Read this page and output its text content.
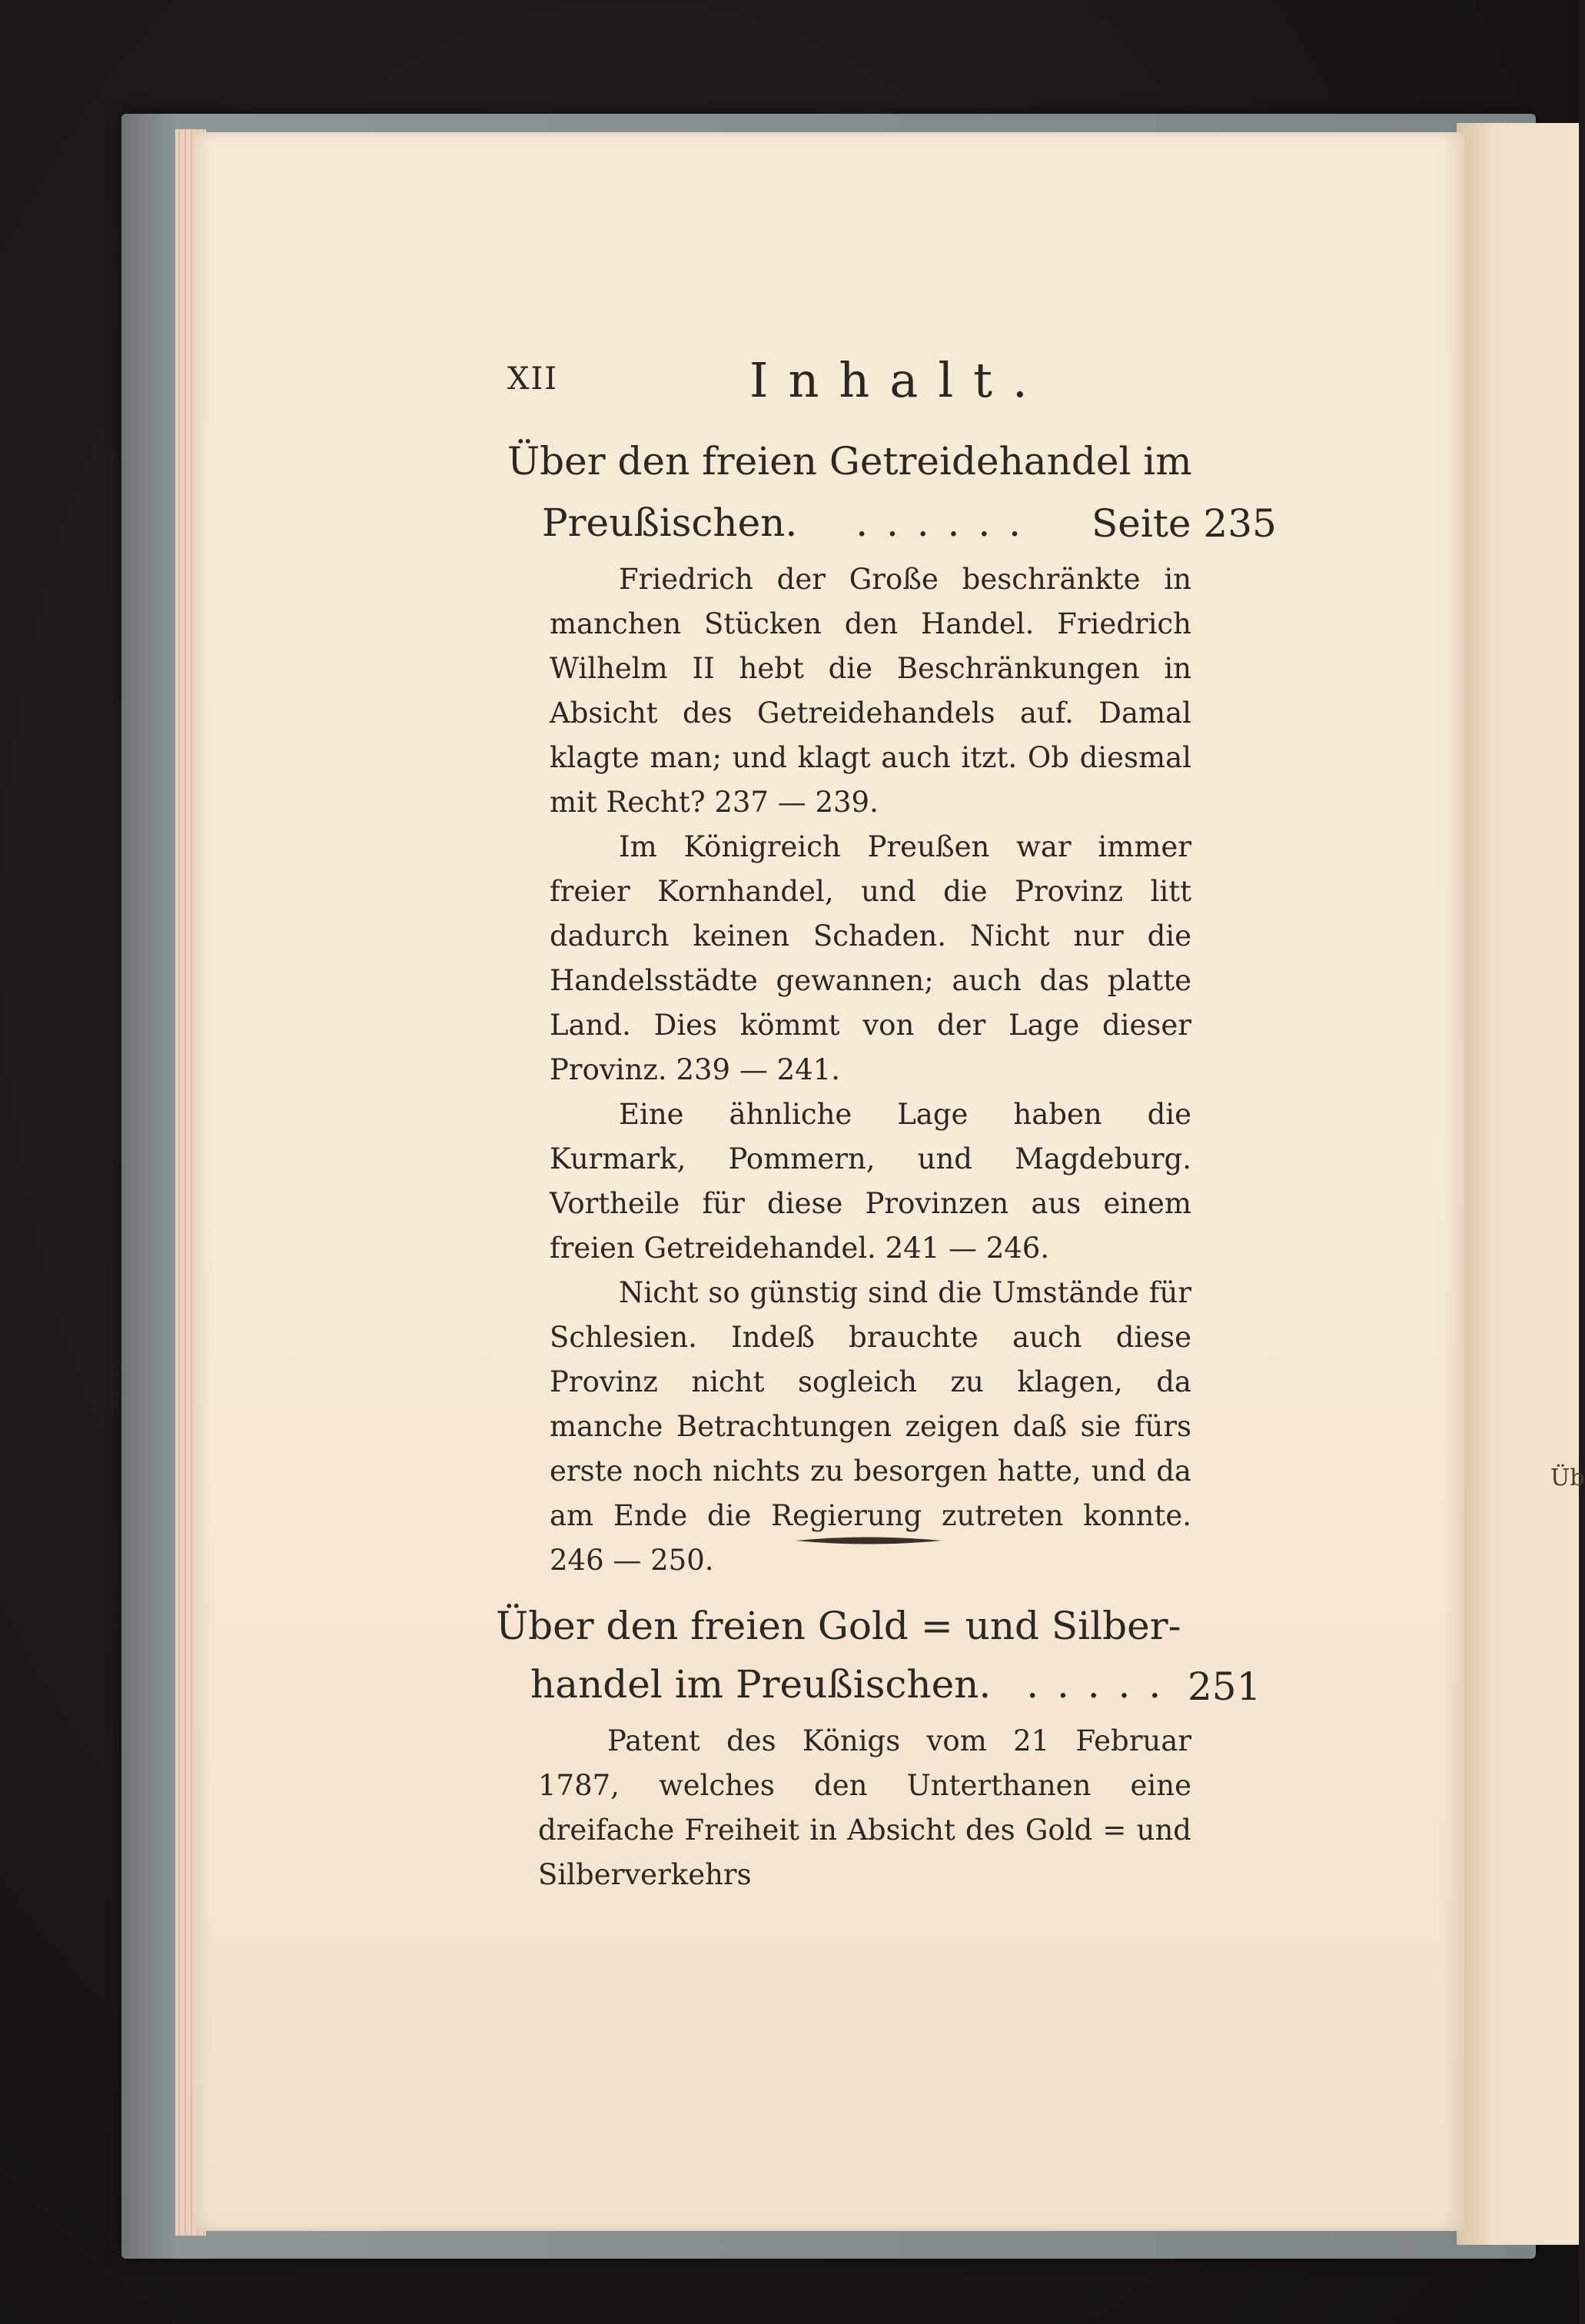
Üb
XII	Inhalt.
Über den freien Getreidehandel im
Preußischen. . . . . . . Seite 235

Friedrich der Große beschränkte in manchen Stücken den Handel. Friedrich Wilhelm II hebt die Beschränkungen in Absicht des Getreidehandels auf. Damal klagte man; und klagt auch itzt. Ob diesmal mit Recht? 237 — 239.

Im Königreich Preußen war immer freier Kornhandel, und die Provinz litt dadurch keinen Schaden. Nicht nur die Handelsstädte gewannen; auch das platte Land. Dies kömmt von der Lage dieser Provinz. 239 — 241.

Eine ähnliche Lage haben die Kurmark, Pommern, und Magdeburg. Vortheile für diese Provinzen aus einem freien Getreidehandel. 241 — 246.

Nicht so günstig sind die Umstände für Schlesien. Indeß brauchte auch diese Provinz nicht sogleich zu klagen, da manche Betrachtungen zeigen daß sie fürs erste noch nichts zu besorgen hatte, und da am Ende die Regierung zutreten konnte. 246 — 250.

Über den freien Gold = und Silber-
handel im Preußischen. . . . . . 251

Patent des Königs vom 21 Februar 1787, welches den Unterthanen eine dreifache Freiheit in Absicht des Gold = und Silberverkehrs
